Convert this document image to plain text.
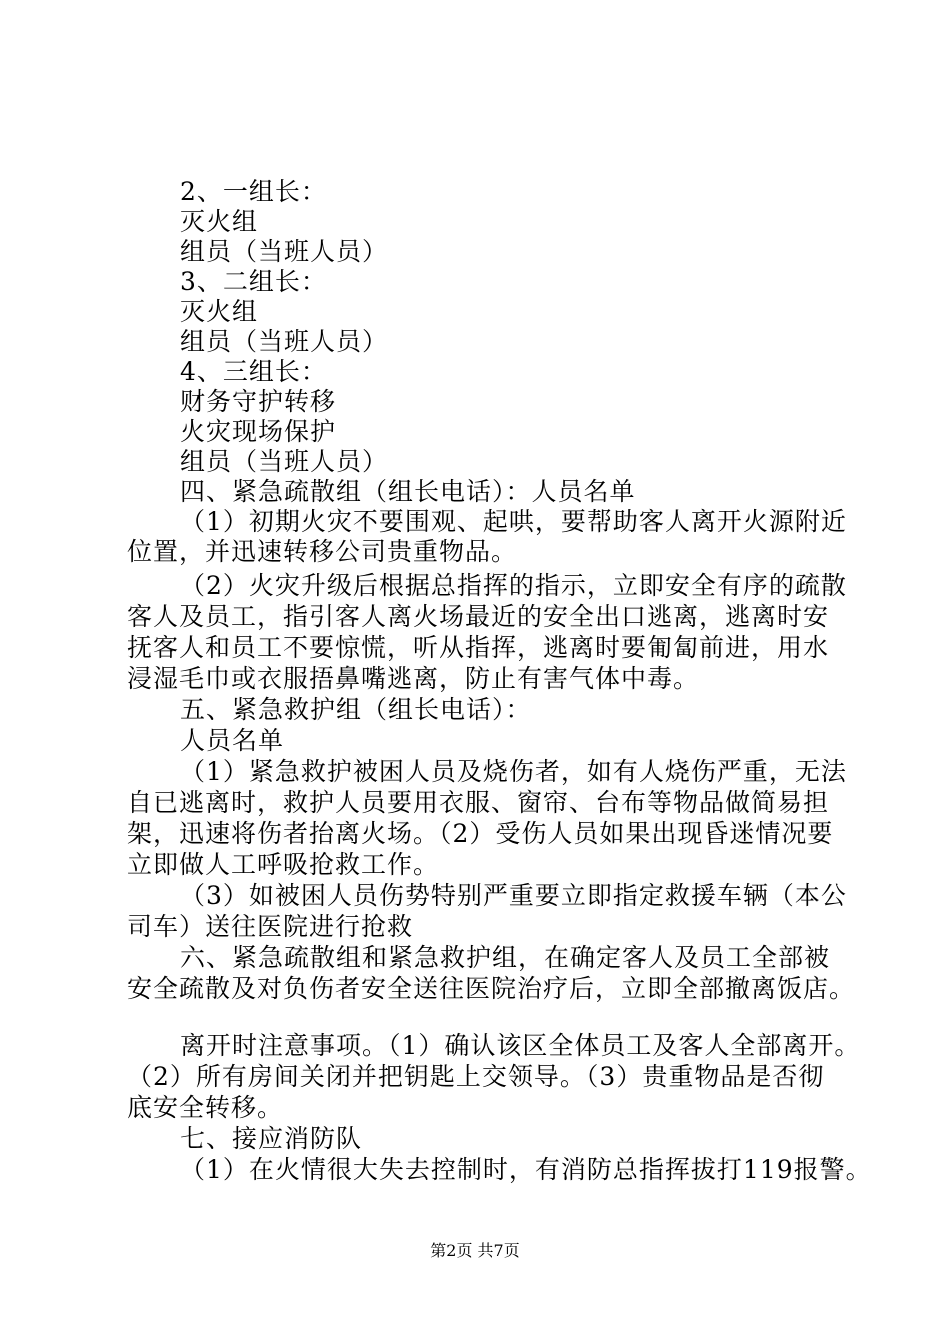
2、一组长：
灭火组
组员（当班人员）
3、二组长：
灭火组
组员（当班人员）
4、三组长：
财务守护转移
火灾现场保护
组员（当班人员）
四、紧急疏散组（组长电话）：人员名单
（1）初期火灾不要围观、起哄，要帮助客人离开火源附近
位置，并迅速转移公司贵重物品。
（2）火灾升级后根据总指挥的指示，立即安全有序的疏散
客人及员工，指引客人离火场最近的安全出口逃离，逃离时安
抚客人和员工不要惊慌，听从指挥，逃离时要匍匐前进，用水
浸湿毛巾或衣服捂鼻嘴逃离，防止有害气体中毒。
五、紧急救护组（组长电话）：
人员名单
（1）紧急救护被困人员及烧伤者，如有人烧伤严重，无法
自已逃离时，救护人员要用衣服、窗帘、台布等物品做简易担
架，迅速将伤者抬离火场。（2）受伤人员如果出现昏迷情况要
立即做人工呼吸抢救工作。
（3）如被困人员伤势特别严重要立即指定救援车辆（本公
司车）送往医院进行抢救
六、紧急疏散组和紧急救护组，在确定客人及员工全部被
安全疏散及对负伤者安全送往医院治疗后，立即全部撤离饭店。
离开时注意事项。（1）确认该区全体员工及客人全部离开。
（2）所有房间关闭并把钥匙上交领导。（3）贵重物品是否彻
底安全转移。
七、接应消防队
（1）在火情很大失去控制时，有消防总指挥拔打119报警。
第2页 共7页
